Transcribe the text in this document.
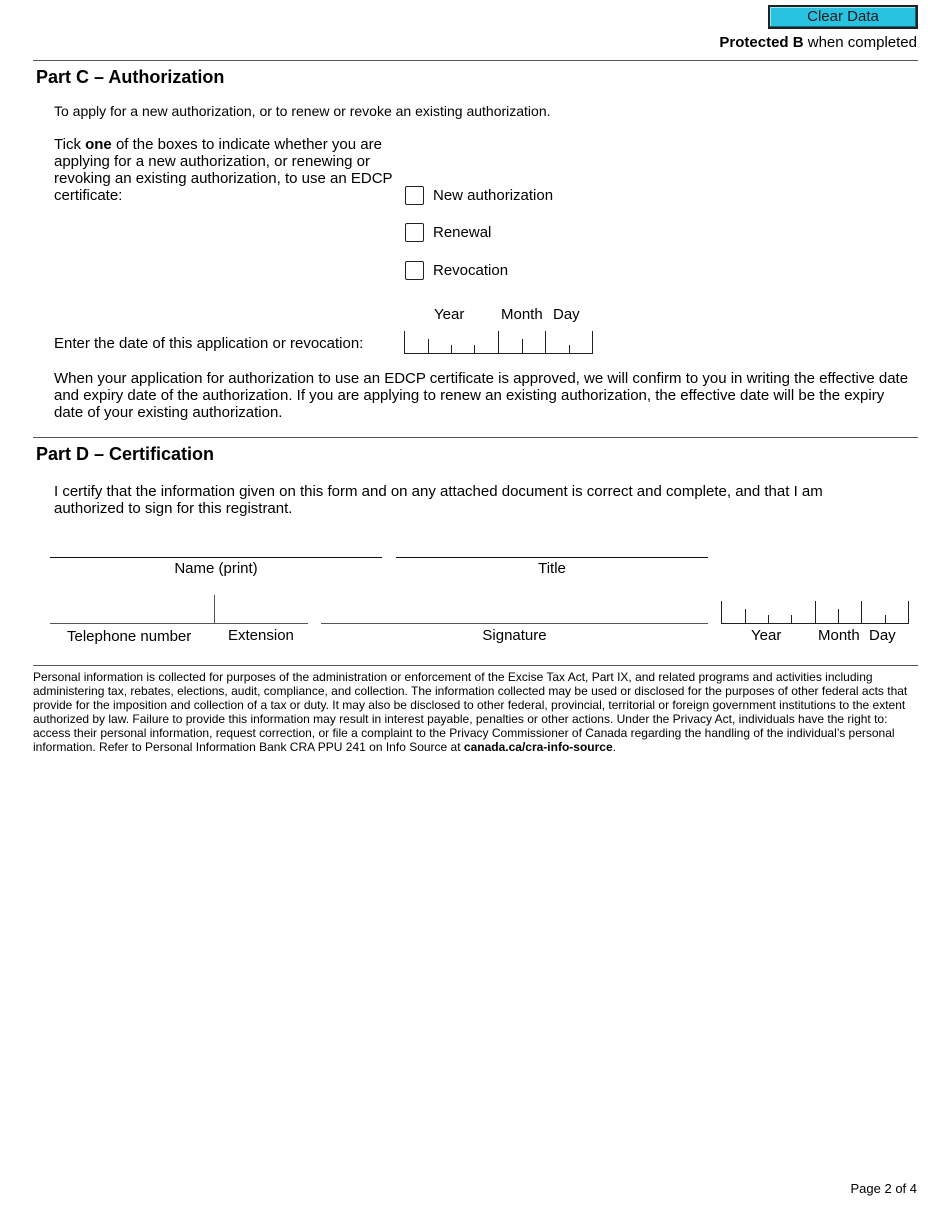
Clear Data
Protected B when completed
Part C – Authorization
To apply for a new authorization, or to renew or revoke an existing authorization.
Tick one of the boxes to indicate whether you are applying for a new authorization, or renewing or revoking an existing authorization, to use an EDCP certificate:	New authorization
Renewal
Revocation
Year Month Day
Enter the date of this application or revocation:
When your application for authorization to use an EDCP certificate is approved, we will confirm to you in writing the effective date and expiry date of the authorization. If you are applying to renew an existing authorization, the effective date will be the expiry date of your existing authorization.
Part D – Certification
I certify that the information given on this form and on any attached document is correct and complete, and that I am authorized to sign for this registrant.
Name (print)	Title
Telephone number Extension	Signature	Year Month Day
Personal information is collected for purposes of the administration or enforcement of the Excise Tax Act, Part IX, and related programs and activities including administering tax, rebates, elections, audit, compliance, and collection. The information collected may be used or disclosed for the purposes of other federal acts that provide for the imposition and collection of a tax or duty. It may also be disclosed to other federal, provincial, territorial or foreign government institutions to the extent authorized by law. Failure to provide this information may result in interest payable, penalties or other actions. Under the Privacy Act, individuals have the right to: access their personal information, request correction, or file a complaint to the Privacy Commissioner of Canada regarding the handling of the individual’s personal information. Refer to Personal Information Bank CRA PPU 241 on Info Source at canada.ca/cra-info-source.
Page 2 of 4
